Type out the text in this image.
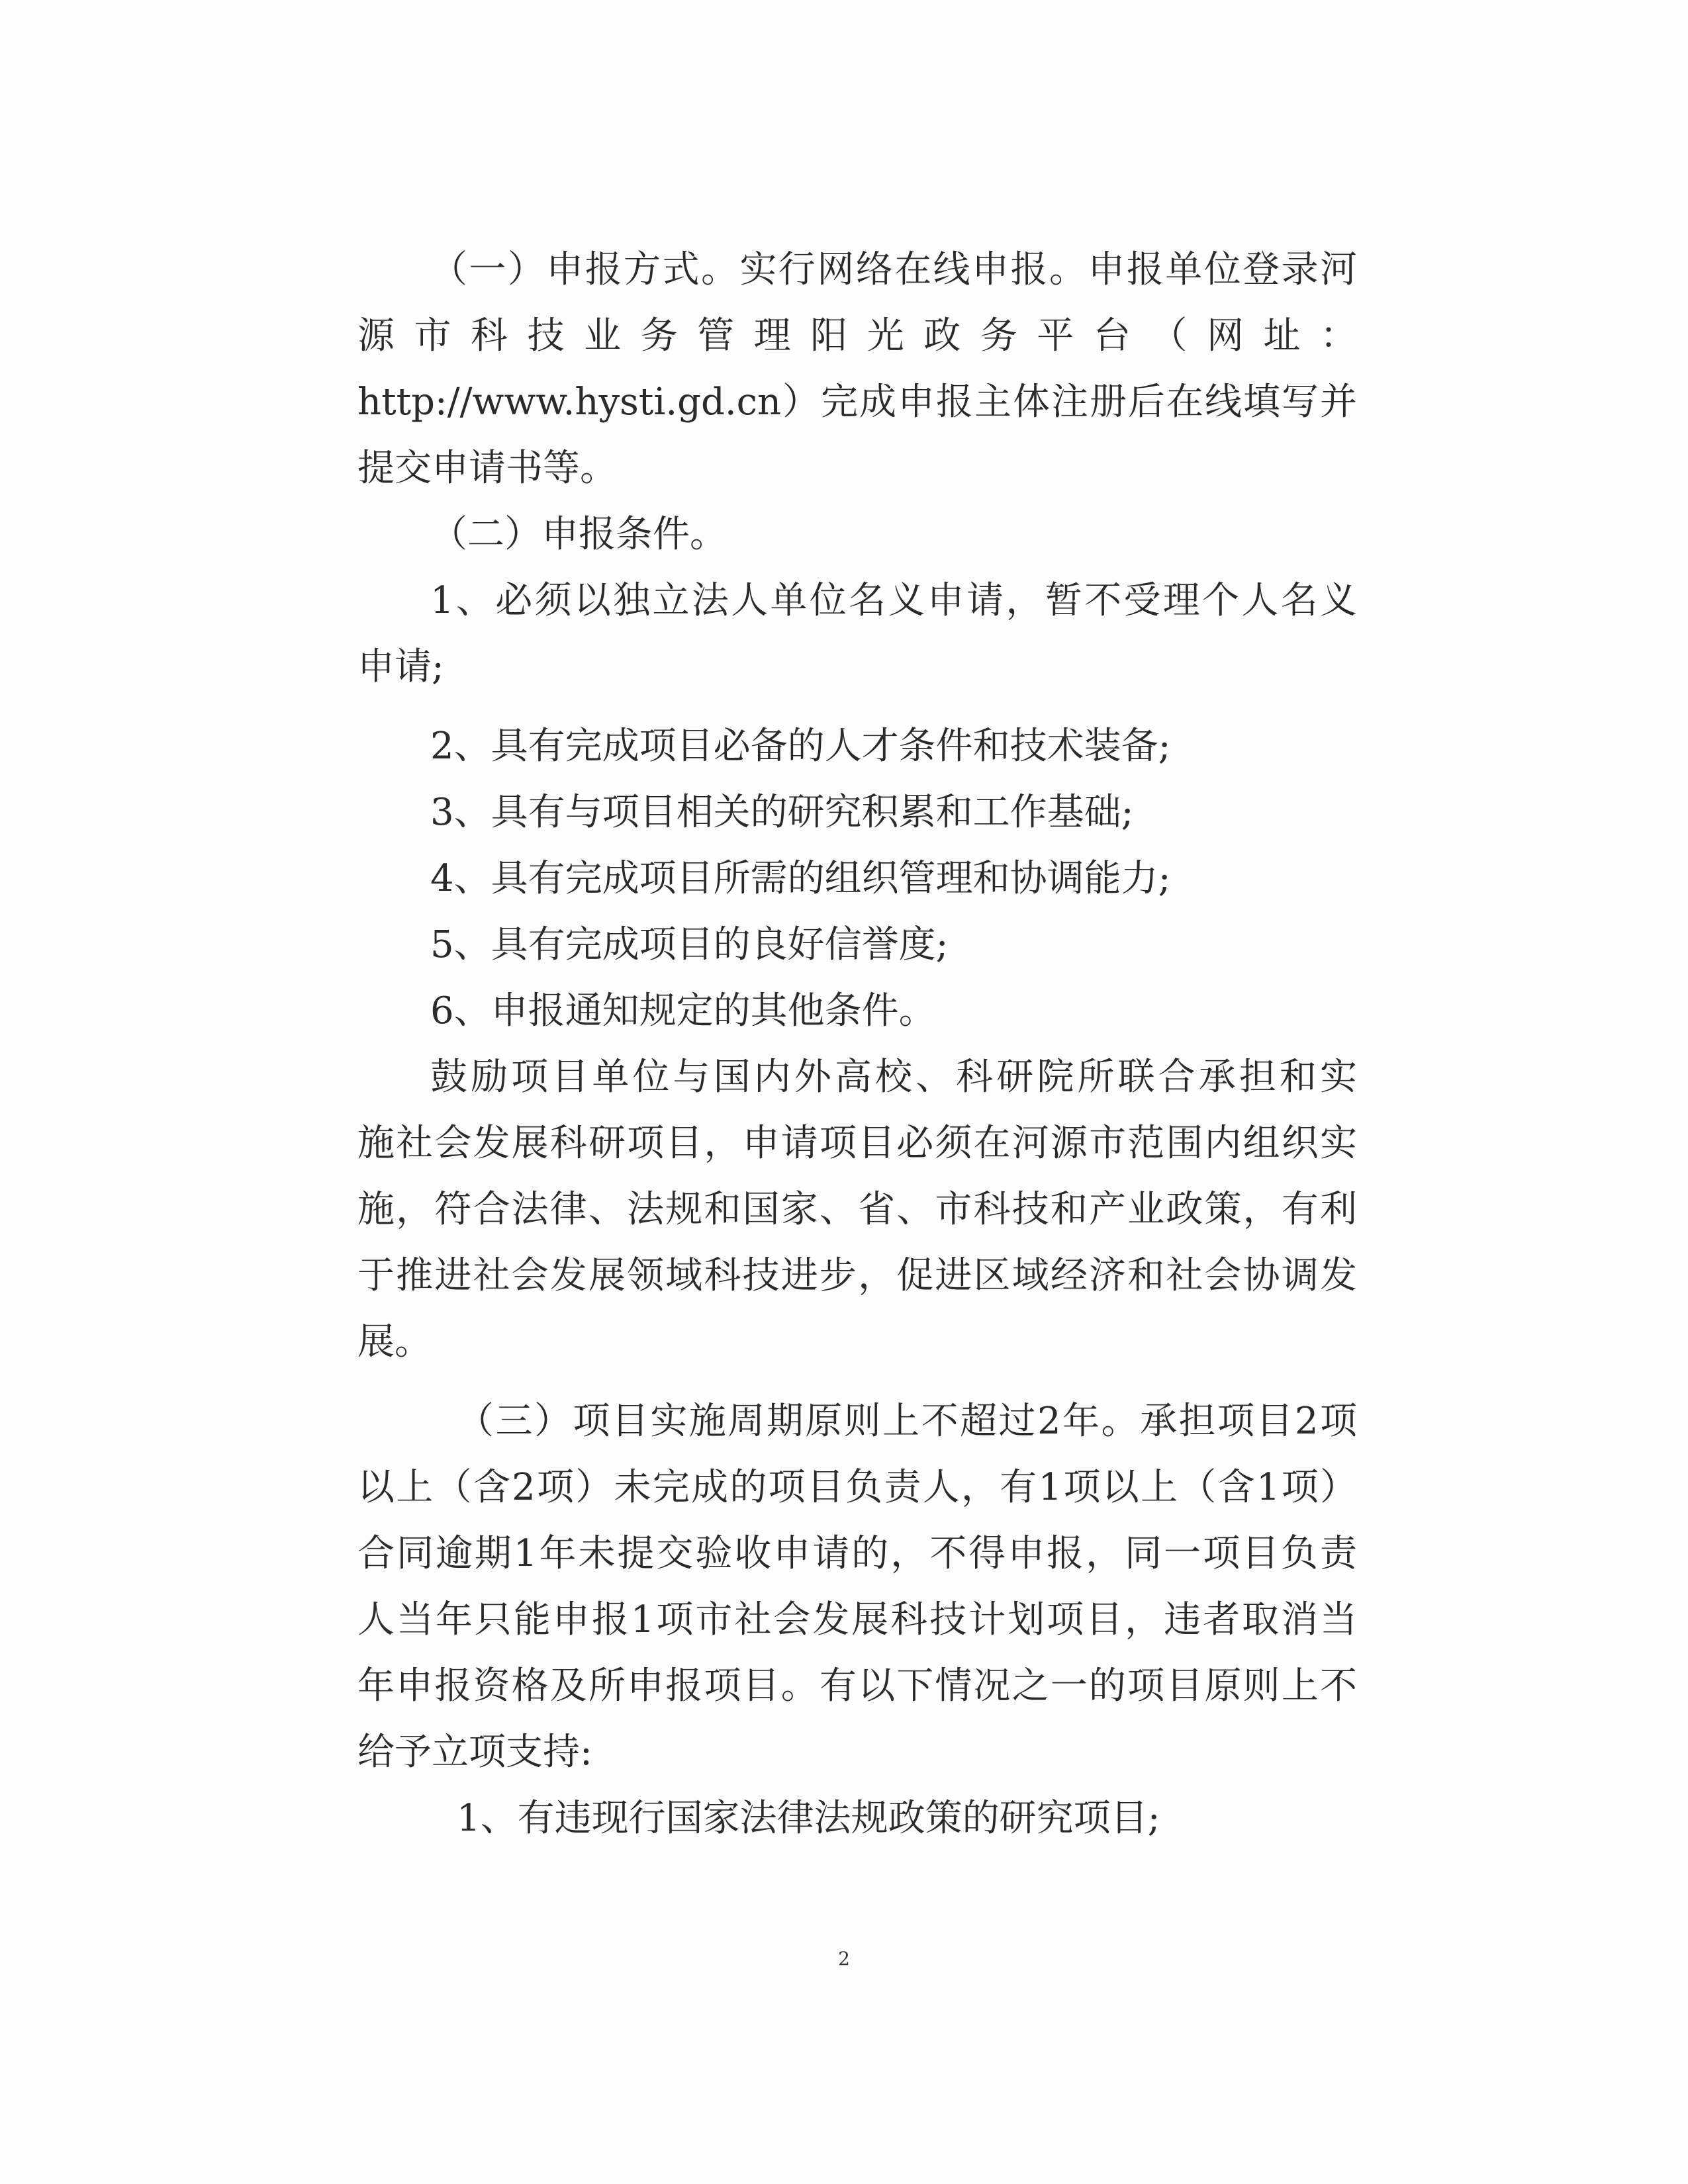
（一）申报方式。实行网络在线申报。申报单位登录河
源市科技业务管理阳光政务平台（网址：
http://www.hysti.gd.cn）完成申报主体注册后在线填写并
提交申请书等。
（二）申报条件。
1、必须以独立法人单位名义申请，暂不受理个人名义
申请;
2、具有完成项目必备的人才条件和技术装备;
3、具有与项目相关的研究积累和工作基础;
4、具有完成项目所需的组织管理和协调能力;
5、具有完成项目的良好信誉度;
6、申报通知规定的其他条件。
鼓励项目单位与国内外高校、科研院所联合承担和实
施社会发展科研项目，申请项目必须在河源市范围内组织实
施，符合法律、法规和国家、省、市科技和产业政策，有利
于推进社会发展领域科技进步，促进区域经济和社会协调发
展。
（三）项目实施周期原则上不超过2年。承担项目2项
以上（含2项）未完成的项目负责人，有1项以上（含1项）
合同逾期1年未提交验收申请的，不得申报，同一项目负责
人当年只能申报1项市社会发展科技计划项目，违者取消当
年申报资格及所申报项目。有以下情况之一的项目原则上不
给予立项支持:
1、有违现行国家法律法规政策的研究项目;
2
